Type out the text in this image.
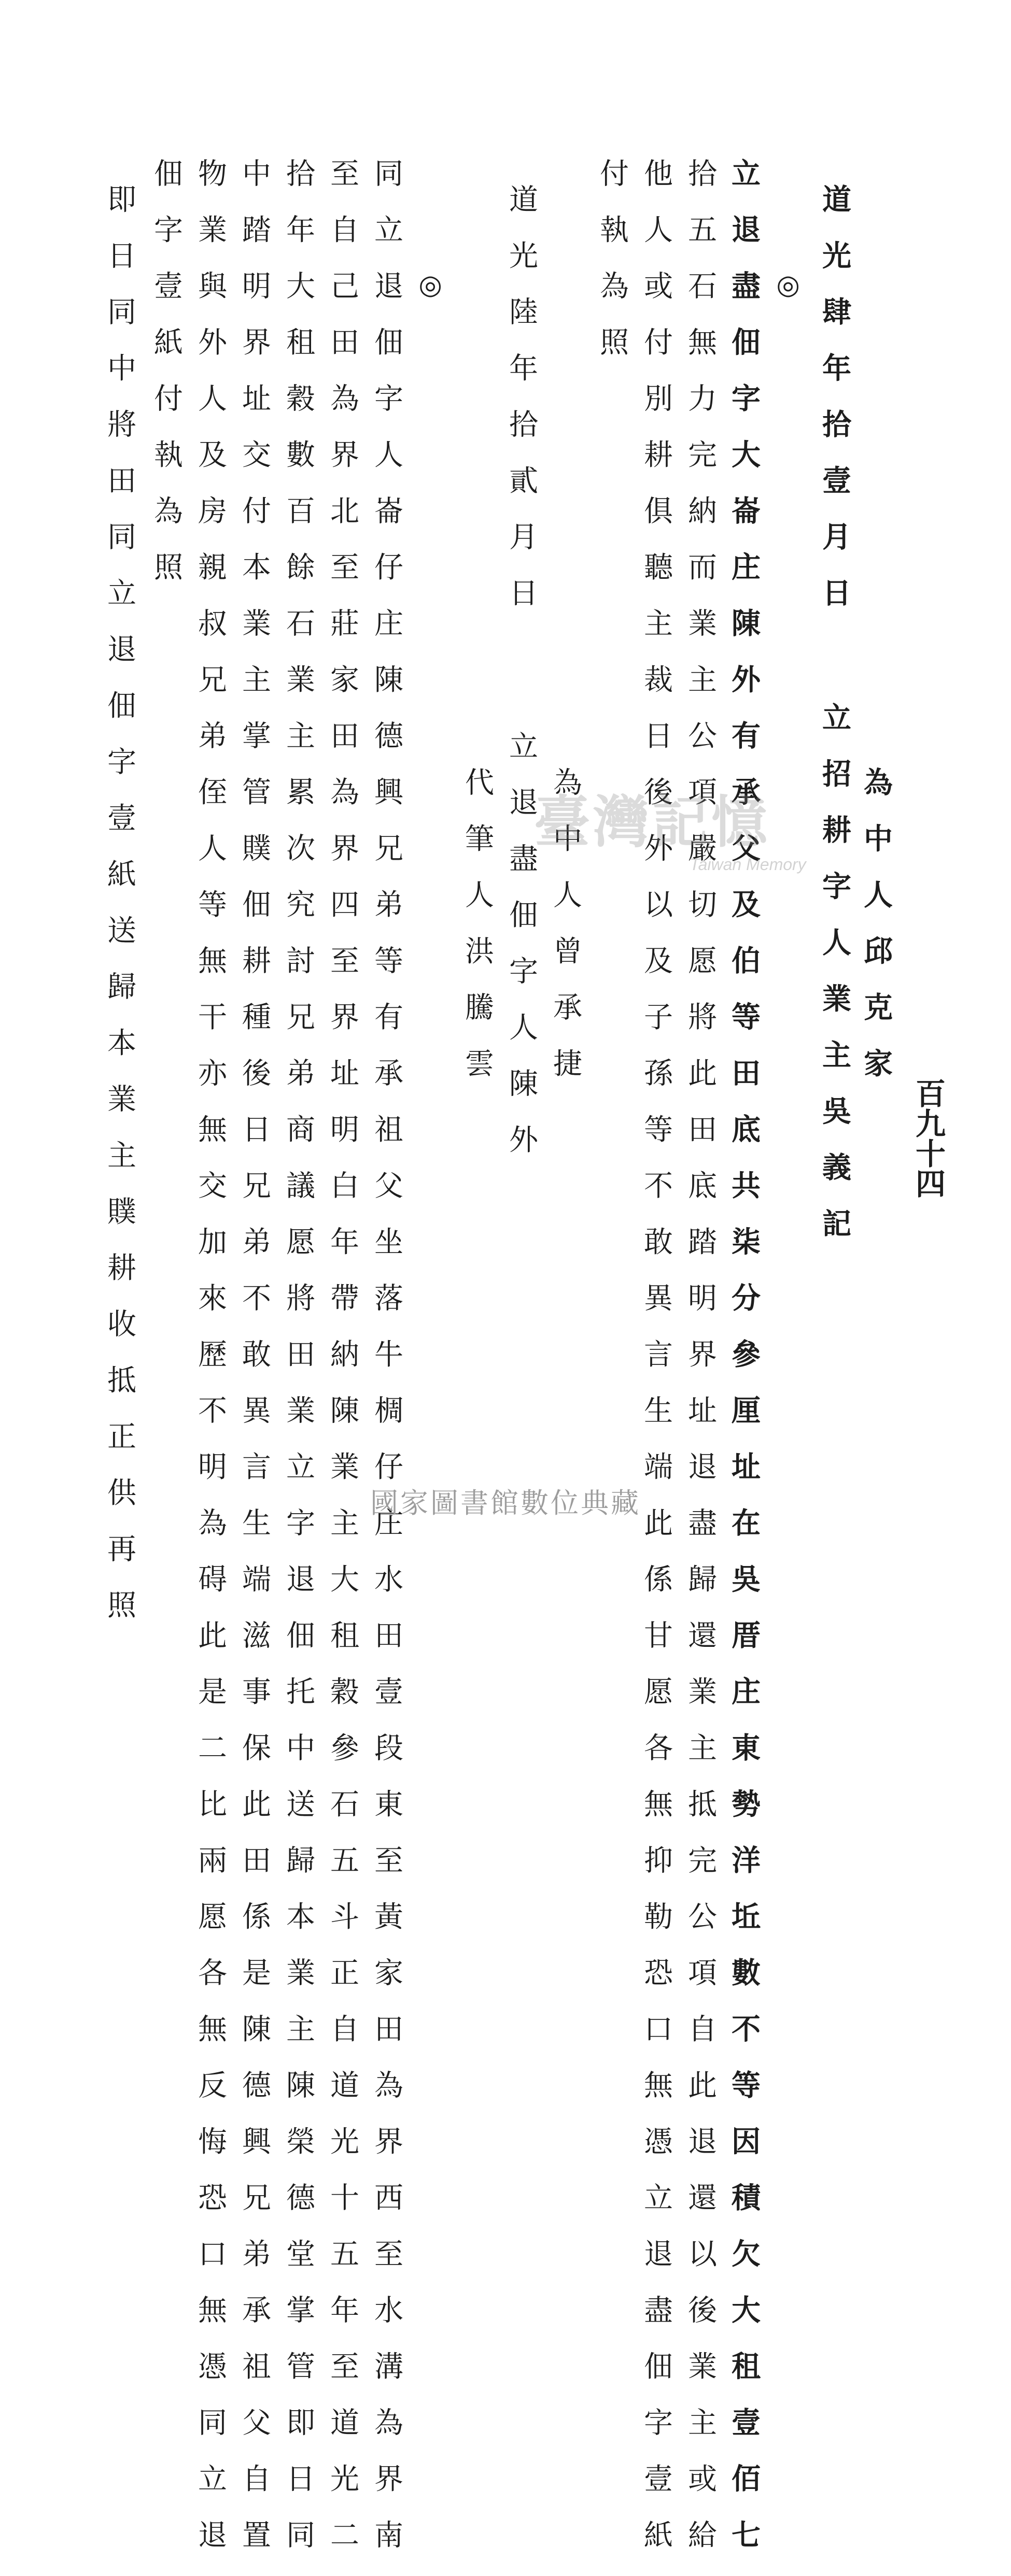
百九十四
為中人邱克家
立招耕字人業主吳義記
道光肆年拾壹月日
◎
立退盡佃字大崙庄陳外有承父及伯等田底共柒分參厘址在吳厝庄東勢洋坵數不等因積欠大租壹佰七
拾五石無力完納而業主公項嚴切愿將此田底踏明界址退盡歸還業主抵完公項自此退還以後業主或給
他人或付別耕俱聽主裁日後外以及子孫等不敢異言生端此係甘愿各無抑勒恐口無憑立退盡佃字壹紙
付執為照
為中人曾承捷
立退盡佃字人陳外
道光陸年拾貳月日
代筆人洪騰雲
◎
同立退佃字人崙仔庄陳德興兄弟等有承祖父坐落牛椆仔庄水田壹段東至黃家田為界西至水溝為界南
至自己田為界北至莊家田為界四至界址明白年帶納陳業主大租穀參石五斗正自道光十五年至道光二
拾年大租穀數百餘石業主累次究討兄弟商議愿將田業立字退佃托中送歸本業主陳榮德堂掌管即日同
中踏明界址交付本業主掌管贌佃耕種後日兄弟不敢異言生端滋事保此田係是陳德興兄弟承祖父自置
物業與外人及房親叔兄弟侄人等無干亦無交加來歷不明為碍此是二比兩愿各無反悔恐口無憑同立退
佃字壹紙付執為照
即日同中將田同立退佃字壹紙送歸本業主贌耕收抵正供再照	臺灣記憶
Taiwan Memory
國家圖書館數位典藏
